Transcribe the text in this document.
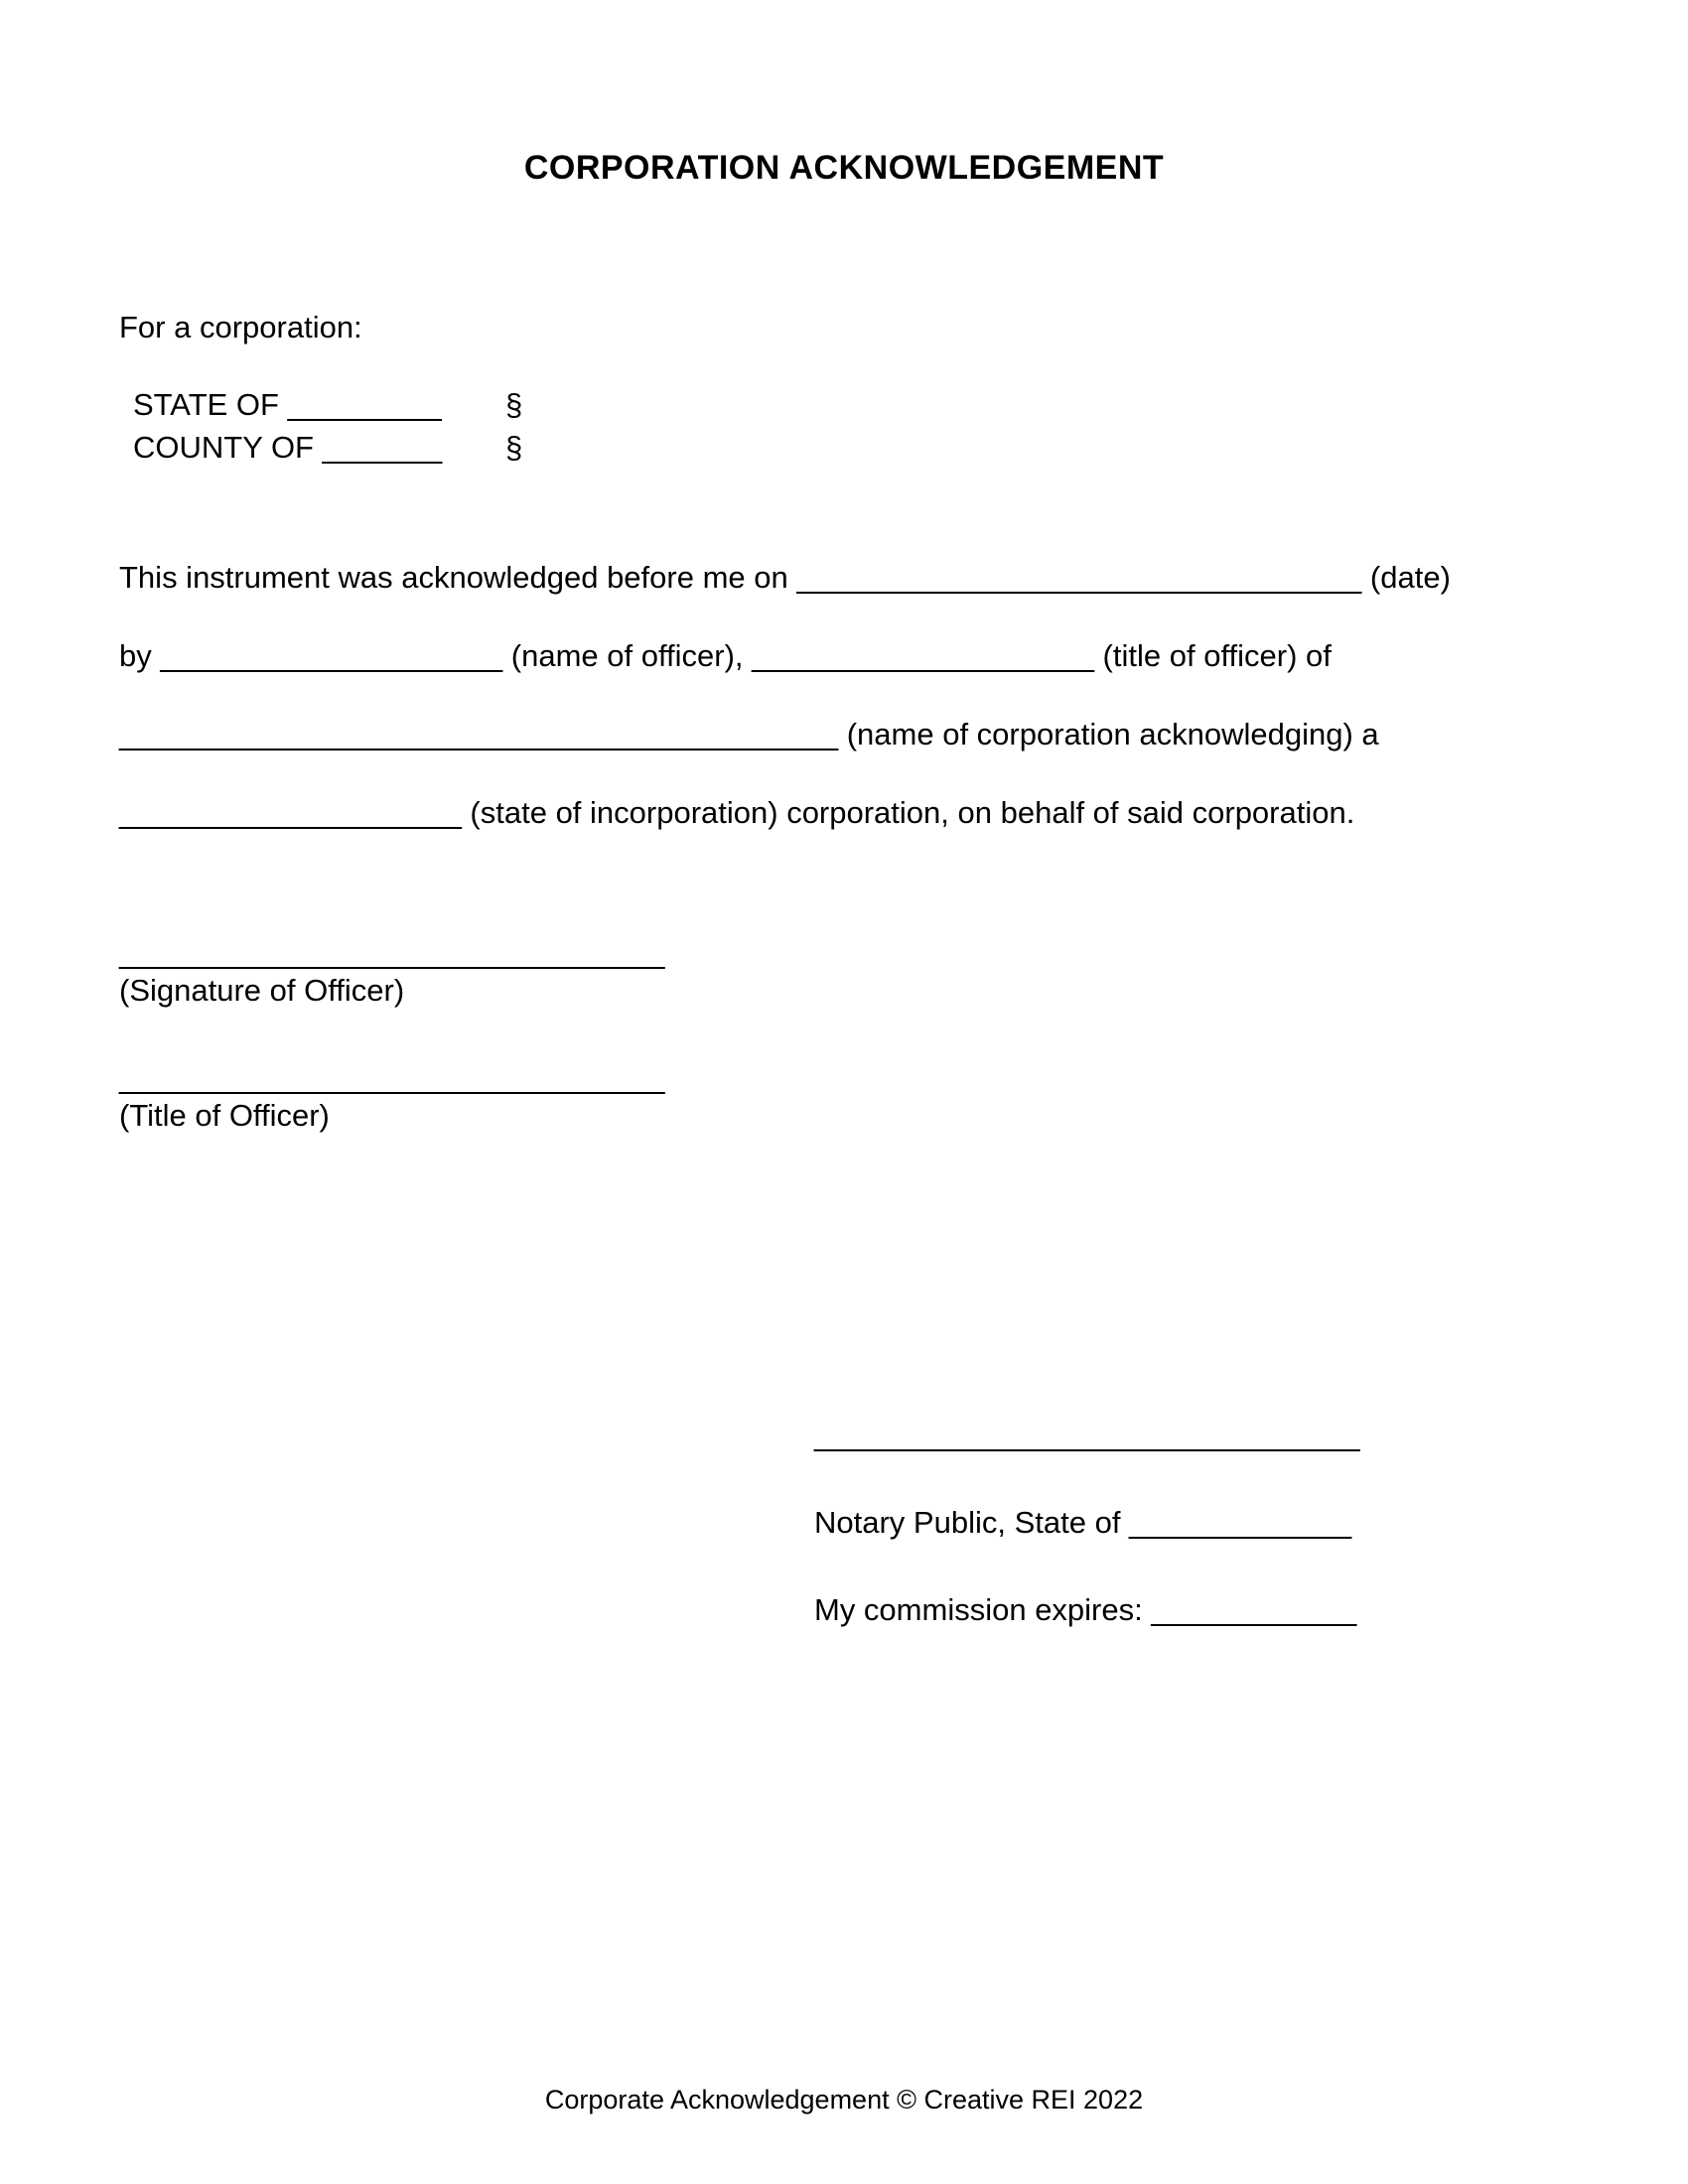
CORPORATION ACKNOWLEDGEMENT
For a corporation:
STATE OF _________	§
COUNTY OF _______	§
This instrument was acknowledged before me on _________________________________ (date)
by ____________________ (name of officer), ____________________ (title of officer) of
__________________________________________ (name of corporation acknowledging) a
____________________ (state of incorporation) corporation, on behalf of said corporation.
_______________________________
(Signature of Officer)
_______________________________
(Title of Officer)
_______________________________
Notary Public, State of _____________
My commission expires: ____________
Corporate Acknowledgement © Creative REI 2022
